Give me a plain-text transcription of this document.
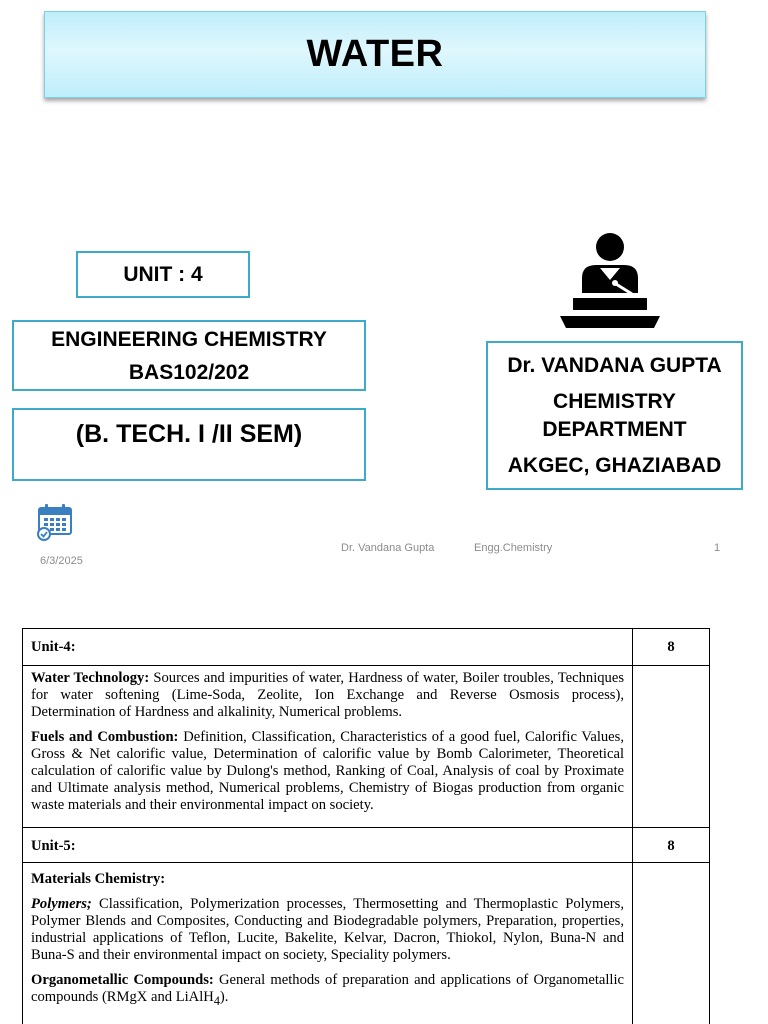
WATER
UNIT : 4
ENGINEERING CHEMISTRY
BAS102/202
(B. TECH. I /II SEM)
Dr. VANDANA GUPTA
CHEMISTRY
DEPARTMENT
AKGEC, GHAZIABAD
6/3/2025
Dr. Vandana Gupta	Engg.Chemistry	1
Unit-4:	8

Water Technology: Sources and impurities of water, Hardness of water, Boiler troubles, Techniques for water softening (Lime-Soda, Zeolite, Ion Exchange and Reverse Osmosis process), Determination of Hardness and alkalinity, Numerical problems.

Fuels and Combustion: Definition, Classification, Characteristics of a good fuel, Calorific Values, Gross & Net calorific value, Determination of calorific value by Bomb Calorimeter, Theoretical calculation of calorific value by Dulong's method, Ranking of Coal, Analysis of coal by Proximate and Ultimate analysis method, Numerical problems, Chemistry of Biogas production from organic waste materials and their environmental impact on society.

Unit-5:	8

Materials Chemistry:

Polymers; Classification, Polymerization processes, Thermosetting and Thermoplastic Polymers, Polymer Blends and Composites, Conducting and Biodegradable polymers, Preparation, properties, industrial applications of Teflon, Lucite, Bakelite, Kelvar, Dacron, Thiokol, Nylon, Buna-N and Buna-S and their environmental impact on society, Speciality polymers.

Organometallic Compounds: General methods of preparation and applications of Organometallic compounds (RMgX and LiAlH$_4$).
